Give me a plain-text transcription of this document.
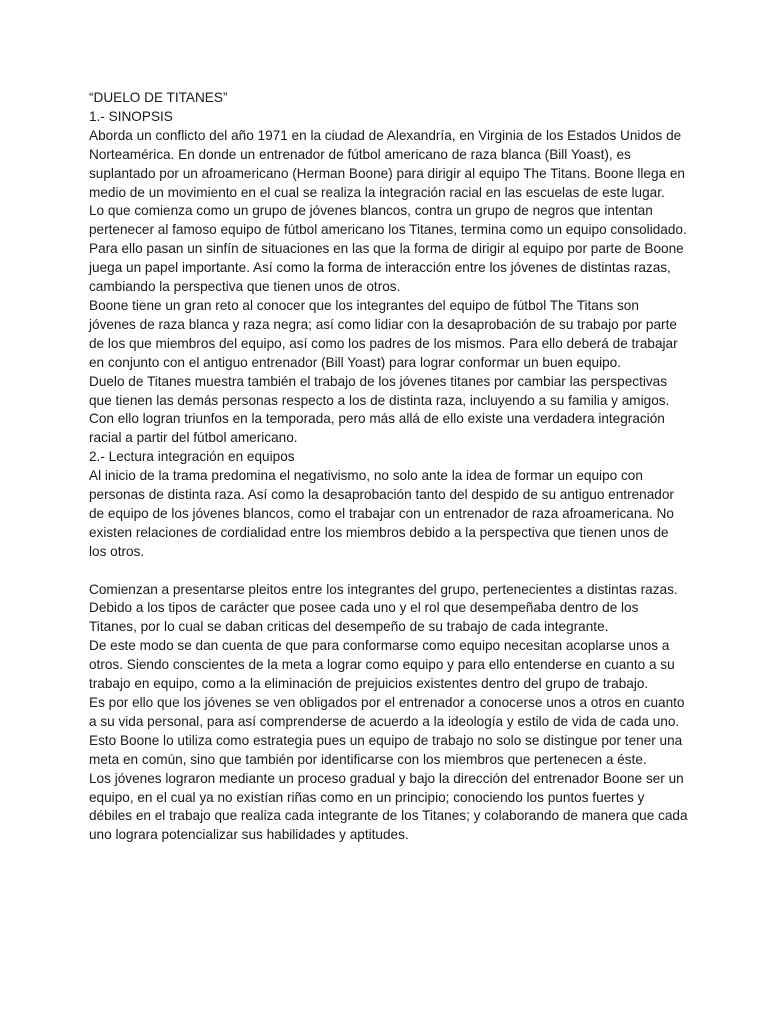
“DUELO DE TITANES”

1.- SINOPSIS

Aborda un conflicto del año 1971 en la ciudad de Alexandría, en Virginia de los Estados Unidos de Norteamérica. En donde un entrenador de fútbol americano de raza blanca (Bill Yoast), es suplantado por un afroamericano (Herman Boone) para dirigir al equipo The Titans. Boone llega en medio de un movimiento en el cual se realiza la integración racial en las escuelas de este lugar.

Lo que comienza como un grupo de jóvenes blancos, contra un grupo de negros que intentan pertenecer al famoso equipo de fútbol americano los Titanes, termina como un equipo consolidado. Para ello pasan un sinfín de situaciones en las que la forma de dirigir al equipo por parte de Boone juega un papel importante. Así como la forma de interacción entre los jóvenes de distintas razas, cambiando la perspectiva que tienen unos de otros.

Boone tiene un gran reto al conocer que los integrantes del equipo de fútbol The Titans son jóvenes de raza blanca y raza negra; así como lidiar con la desaprobación de su trabajo por parte de los que miembros del equipo, así como los padres de los mismos. Para ello deberá de trabajar en conjunto con el antiguo entrenador (Bill Yoast) para lograr conformar un buen equipo.

Duelo de Titanes muestra también el trabajo de los jóvenes titanes por cambiar las perspectivas que tienen las demás personas respecto a los de distinta raza, incluyendo a su familia y amigos. Con ello logran triunfos en la temporada, pero más allá de ello existe una verdadera integración racial a partir del fútbol americano.

2.- Lectura integración en equipos

Al inicio de la trama predomina el negativismo, no solo ante la idea de formar un equipo con personas de distinta raza. Así como la desaprobación tanto del despido de su antiguo entrenador de equipo de los jóvenes blancos, como el trabajar con un entrenador de raza afroamericana. No existen relaciones de cordialidad entre los miembros debido a la perspectiva que tienen unos de los otros.

Comienzan a presentarse pleitos entre los integrantes del grupo, pertenecientes a distintas razas. Debido a los tipos de carácter que posee cada uno y el rol que desempeñaba dentro de los Titanes, por lo cual se daban criticas del desempeño de su trabajo de cada integrante.

De este modo se dan cuenta de que para conformarse como equipo necesitan acoplarse unos a otros. Siendo conscientes de la meta a lograr como equipo y para ello entenderse en cuanto a su trabajo en equipo, como a la eliminación de prejuicios existentes dentro del grupo de trabajo.

Es por ello que los jóvenes se ven obligados por el entrenador a conocerse unos a otros en cuanto a su vida personal, para así comprenderse de acuerdo a la ideología y estilo de vida de cada uno. Esto Boone lo utiliza como estrategia pues un equipo de trabajo no solo se distingue por tener una meta en común, sino que también por identificarse con los miembros que pertenecen a éste.

Los jóvenes lograron mediante un proceso gradual y bajo la dirección del entrenador Boone ser un equipo, en el cual ya no existían riñas como en un principio; conociendo los puntos fuertes y débiles en el trabajo que realiza cada integrante de los Titanes; y colaborando de manera que cada uno lograra potencializar sus habilidades y aptitudes.
